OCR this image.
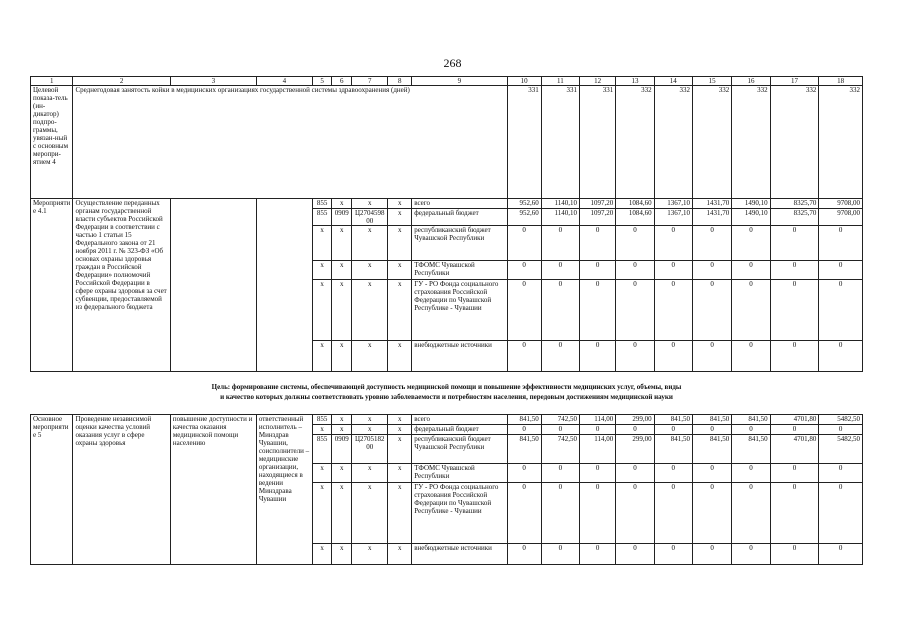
268
1	2	3	4	5	6	7	8	9	10	11	12	13	14	15	16	17	18
Целевой показа-тель (ин-дикатор) подпро-граммы, увязан-ный с основным меропри-ятием 4	Среднегодовая занятость койки в медицинских организациях государственной системы здравоохранения (дней)								331	331	331	332	332	332	332	332	332
Мероприятие 4.1	Осуществление переданных органам государственной власти субъектов Российской Федерации в соответствии с частью 1 статьи 15 Федерального закона от 21 ноября 2011 г. № 323-ФЗ «Об основах охраны здоровья граждан в Российской Федерации» полномочий Российской Федерации в сфере охраны здоровья за счет субвенции, предоставляемой из федерального бюджета			855	x	x	x	всего	952,60	1140,10	1097,20	1084,60	1367,10	1431,70	1490,10	8325,70	9708,00
				855	0909	Ц2704598 00	x	федеральный бюджет	952,60	1140,10	1097,20	1084,60	1367,10	1431,70	1490,10	8325,70	9708,00
				x	x	x	x	республиканский бюджет Чувашской Республики	0	0	0	0	0	0	0	0	0
				x	x	x	x	ТФОМС Чувашской Республики	0	0	0	0	0	0	0	0	0
				x	x	x	x	ГУ - РО Фонда социального страхования Российской Федерации по Чувашской Республике - Чувашии	0	0	0	0	0	0	0	0	0
				x	x	x	x	внебюджетные источники	0	0	0	0	0	0	0	0	0
Цель: формирование системы, обеспечивающей доступность медицинской помощи и повышение эффективности медицинских услуг, объемы, виды
и качество которых должны соответствовать уровню заболеваемости и потребностям населения, передовым достижениям медицинской науки
Основное мероприятие 5	Проведение независимой оценки качества условий оказания услуг в сфере охраны здоровья	повышение доступности и качества оказания медицинской помощи населению	ответственный исполнитель – Минздрав Чувашии, соисполнители – медицинские организации, находящиеся в ведении Минздрава Чувашии	855	x	x	x	всего	841,50	742,50	114,00	299,00	841,50	841,50	841,50	4701,80	5482,50
				x	x	x	x	федеральный бюджет	0	0	0	0	0	0	0	0	0
				855	0909	Ц270518200	x	республиканский бюджет Чувашской Республики	841,50	742,50	114,00	299,00	841,50	841,50	841,50	4701,80	5482,50
				x	x	x	x	ТФОМС Чувашской Республики	0	0	0	0	0	0	0	0	0
				x	x	x	x	ГУ - РО Фонда социального страхования Российской Федерации по Чувашской Республике - Чувашии	0	0	0	0	0	0	0	0	0
				x	x	x	x	внебюджетные источники	0	0	0	0	0	0	0	0	0
